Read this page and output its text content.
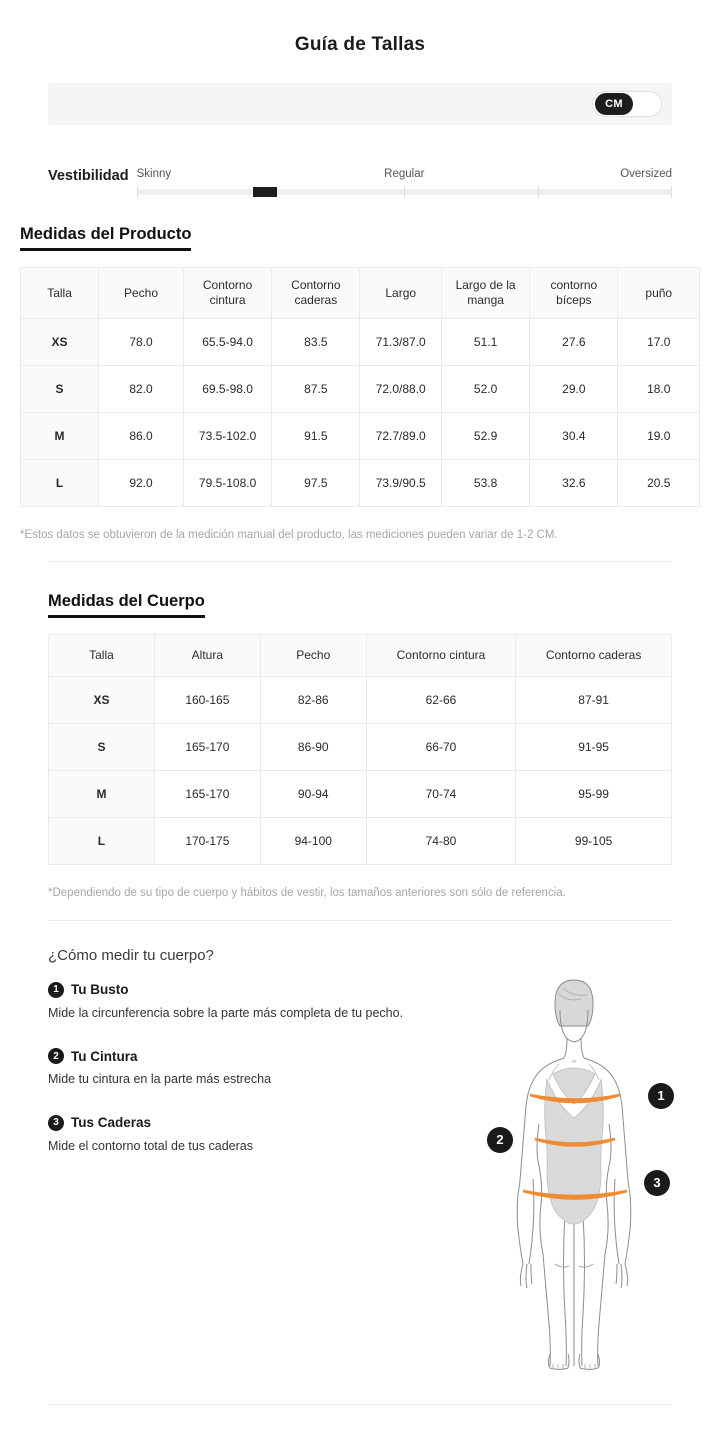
Guía de Tallas
CM
Vestibilidad Skinny	Regular	Oversized
Medidas del Producto
Talla	Pecho	Contorno cintura	Contorno caderas	Largo	Largo de la manga	contorno bíceps	puño
XS	78.0	65.5-94.0	83.5	71.3/87.0	51.1	27.6	17.0
S	82.0	69.5-98.0	87.5	72.0/88.0	52.0	29.0	18.0
M	86.0	73.5-102.0	91.5	72.7/89.0	52.9	30.4	19.0
L	92.0	79.5-108.0	97.5	73.9/90.5	53.8	32.6	20.5
*Estos datos se obtuvieron de la medición manual del producto, las mediciones pueden variar de 1-2 CM.
Medidas del Cuerpo
Talla	Altura	Pecho	Contorno cintura	Contorno caderas
XS	160-165	82-86	62-66	87-91
S	165-170	86-90	66-70	91-95
M	165-170	90-94	70-74	95-99
L	170-175	94-100	74-80	99-105
*Dependiendo de su tipo de cuerpo y hábitos de vestir, los tamaños anteriores son sólo de referencia.
¿Cómo medir tu cuerpo?
1 Tu Busto
Mide la circunferencia sobre la parte más completa de tu pecho.
2 Tu Cintura
Mide tu cintura en la parte más estrecha
3 Tus Caderas
Mide el contorno total de tus caderas
1
2
3
